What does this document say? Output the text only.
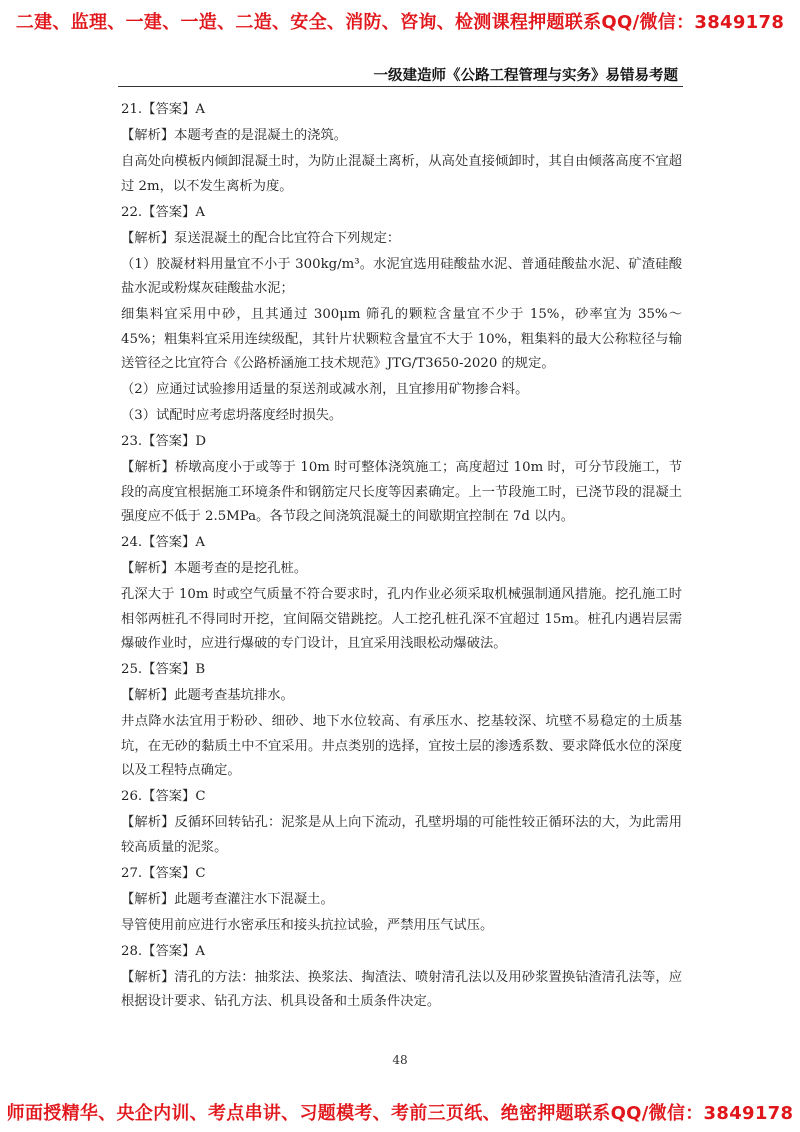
二建、监理、一建、一造、二造、安全、消防、咨询、检测课程押题联系QQ/微信：3849178
一级建造师《公路工程管理与实务》易错易考题

21.【答案】A

【解析】本题考查的是混凝土的浇筑。

自高处向模板内倾卸混凝土时，为防止混凝土离析，从高处直接倾卸时，其自由倾落高度不宜超过 2m，以不发生离析为度。

22.【答案】A

【解析】泵送混凝土的配合比宜符合下列规定：

（1）胶凝材料用量宜不小于 300kg/m³。水泥宜选用硅酸盐水泥、普通硅酸盐水泥、矿渣硅酸盐水泥或粉煤灰硅酸盐水泥；

细集料宜采用中砂，且其通过 300μm 筛孔的颗粒含量宜不少于 15%，砂率宜为 35%～45%；粗集料宜采用连续级配，其针片状颗粒含量宜不大于 10%，粗集料的最大公称粒径与输送管径之比宜符合《公路桥涵施工技术规范》JTG/T3650-2020 的规定。

（2）应通过试验掺用适量的泵送剂或减水剂，且宜掺用矿物掺合料。

（3）试配时应考虑坍落度经时损失。

23.【答案】D

【解析】桥墩高度小于或等于 10m 时可整体浇筑施工；高度超过 10m 时，可分节段施工，节段的高度宜根据施工环境条件和钢筋定尺长度等因素确定。上一节段施工时，已浇节段的混凝土强度应不低于 2.5MPa。各节段之间浇筑混凝土的间歇期宜控制在 7d 以内。

24.【答案】A

【解析】本题考查的是挖孔桩。

孔深大于 10m 时或空气质量不符合要求时，孔内作业必须采取机械强制通风措施。挖孔施工时相邻两桩孔不得同时开挖，宜间隔交错跳挖。人工挖孔桩孔深不宜超过 15m。桩孔内遇岩层需爆破作业时，应进行爆破的专门设计，且宜采用浅眼松动爆破法。

25.【答案】B

【解析】此题考查基坑排水。

井点降水法宜用于粉砂、细砂、地下水位较高、有承压水、挖基较深、坑壁不易稳定的土质基坑，在无砂的黏质土中不宜采用。井点类别的选择，宜按土层的渗透系数、要求降低水位的深度以及工程特点确定。

26.【答案】C

【解析】反循环回转钻孔：泥浆是从上向下流动，孔壁坍塌的可能性较正循环法的大，为此需用较高质量的泥浆。

27.【答案】C

【解析】此题考查灌注水下混凝土。

导管使用前应进行水密承压和接头抗拉试验，严禁用压气试压。

28.【答案】A

【解析】清孔的方法：抽浆法、换浆法、掏渣法、喷射清孔法以及用砂浆置换钻渣清孔法等，应根据设计要求、钻孔方法、机具设备和土质条件决定。

48
师面授精华、央企内训、考点串讲、习题模考、考前三页纸、绝密押题联系QQ/微信：3849178
